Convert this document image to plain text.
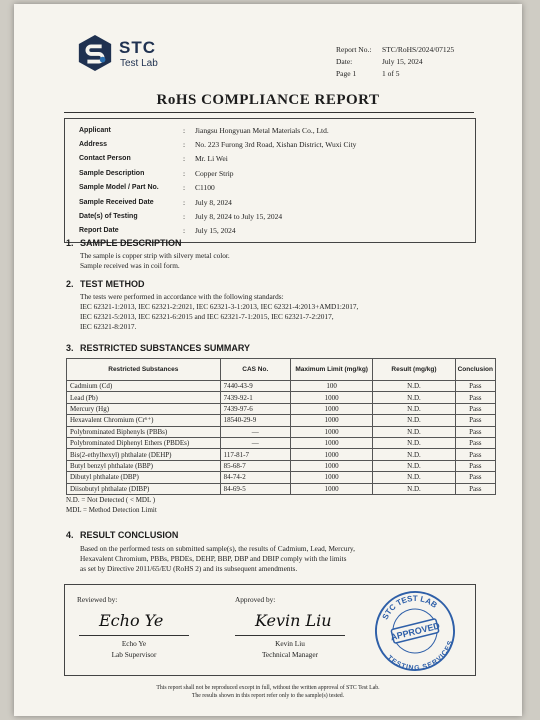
STC
Test Lab
Report No.:	STC/RoHS/2024/07125
Date:	July 15, 2024
Page 1	1 of 5
RoHS COMPLIANCE REPORT
Applicant	:	Jiangsu Hongyuan Metal Materials Co., Ltd.
Address	:	No. 223 Furong 3rd Road, Xishan District, Wuxi City
Contact Person	:	Mr. Li Wei
Sample Description	:	Copper Strip
Sample Model / Part No.	:	C1100
Sample Received Date	:	July 8, 2024
Date(s) of Testing	:	July 8, 2024 to July 15, 2024
Report Date	:	July 15, 2024
1. SAMPLE DESCRIPTION
The sample is copper strip with silvery metal color.
Sample received was in coil form.
2. TEST METHOD
The tests were performed in accordance with the following standards:
IEC 62321-1:2013, IEC 62321-2:2021, IEC 62321-3-1:2013, IEC 62321-4:2013+AMD1:2017,
IEC 62321-5:2013, IEC 62321-6:2015 and IEC 62321-7-1:2015, IEC 62321-7-2:2017,
IEC 62321-8:2017.
3. RESTRICTED SUBSTANCES SUMMARY
Restricted Substances	CAS No.	Maximum Limit (mg/kg)	Result (mg/kg)	Conclusion
Cadmium (Cd)	7440-43-9	100	N.D.	Pass
Lead (Pb)	7439-92-1	1000	N.D.	Pass
Mercury (Hg)	7439-97-6	1000	N.D.	Pass
Hexavalent Chromium (Cr⁶⁺)	18540-29-9	1000	N.D.	Pass
Polybrominated Biphenyls (PBBs)	—	1000	N.D.	Pass
Polybrominated Diphenyl Ethers (PBDEs)	—	1000	N.D.	Pass
Bis(2-ethylhexyl) phthalate (DEHP)	117-81-7	1000	N.D.	Pass
Butyl benzyl phthalate (BBP)	85-68-7	1000	N.D.	Pass
Dibutyl phthalate (DBP)	84-74-2	1000	N.D.	Pass
Diisobutyl phthalate (DIBP)	84-69-5	1000	N.D.	Pass
N.D. = Not Detected ( < MDL )
MDL = Method Detection Limit
4. RESULT CONCLUSION
Based on the performed tests on submitted sample(s), the results of Cadmium, Lead, Mercury,
Hexavalent Chromium, PBBs, PBDEs, DEHP, BBP, DBP and DBIP comply with the limits
as set by Directive 2011/65/EU (RoHS 2) and its subsequent amendments.
Reviewed by:
Echo Ye
Echo Ye
Lab Supervisor
Approved by:
Kevin Liu
Kevin Liu
Technical Manager
STC TEST LAB
TESTING SERVICES
APPROVED
This report shall not be reproduced except in full, without the written approval of STC Test Lab.
The results shown in this report refer only to the sample(s) tested.
